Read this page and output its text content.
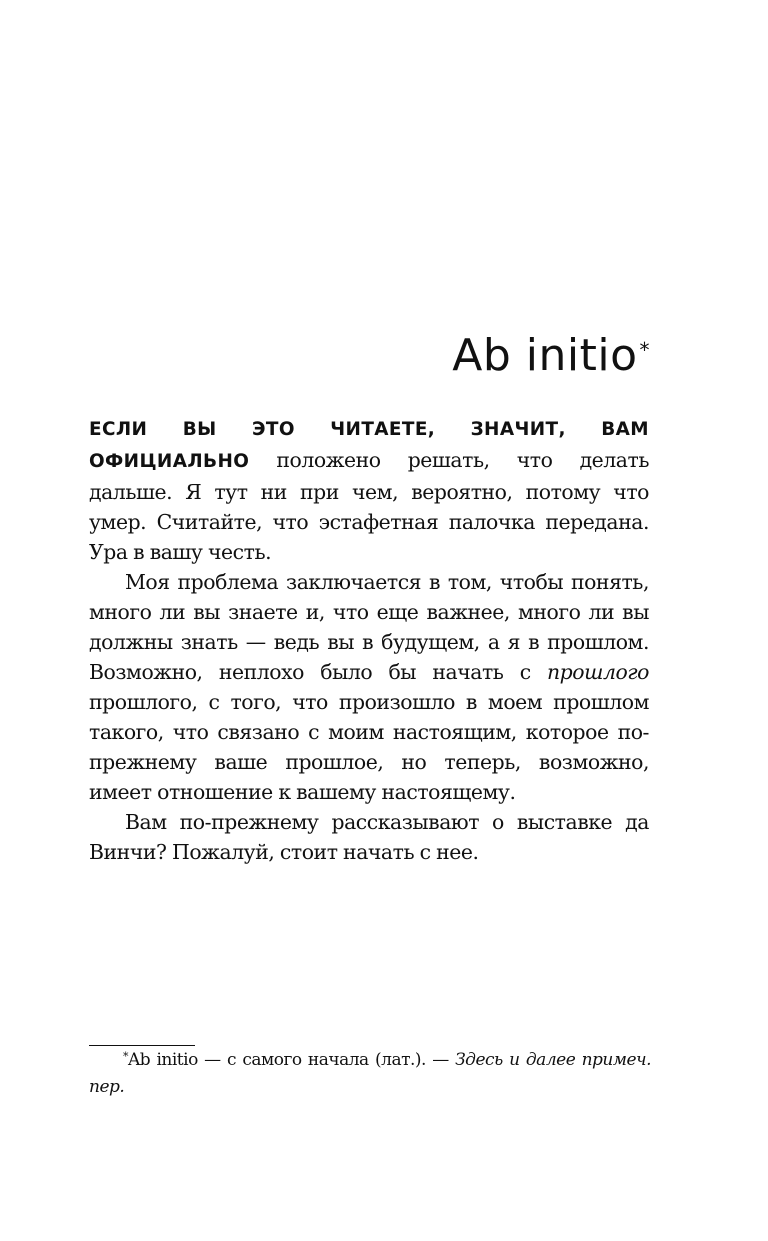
Ab initio *

ЕСЛИ ВЫ ЭТО ЧИТАЕТЕ, ЗНАЧИТ, ВАМ ОФИЦИАЛЬНО положено решать, что делать дальше. Я тут ни при чем, вероятно, потому что умер. Считайте, что эстафетная палочка передана. Ура в вашу честь.

Моя проблема заключается в том, чтобы понять, много ли вы знаете и, что еще важнее, много ли вы должны знать — ведь вы в будущем, а я в прошлом. Возможно, неплохо было бы начать с прошлого прошлого, с того, что произошло в моем прошлом такого, что связано с моим настоящим, которое по-прежнему ваше прошлое, но теперь, возможно, имеет отношение к вашему настоящему.

Вам по-прежнему рассказывают о выставке да Винчи? Пожалуй, стоит начать с нее.

*Ab initio — с самого начала (лат.). — Здесь и далее примеч. пер.
